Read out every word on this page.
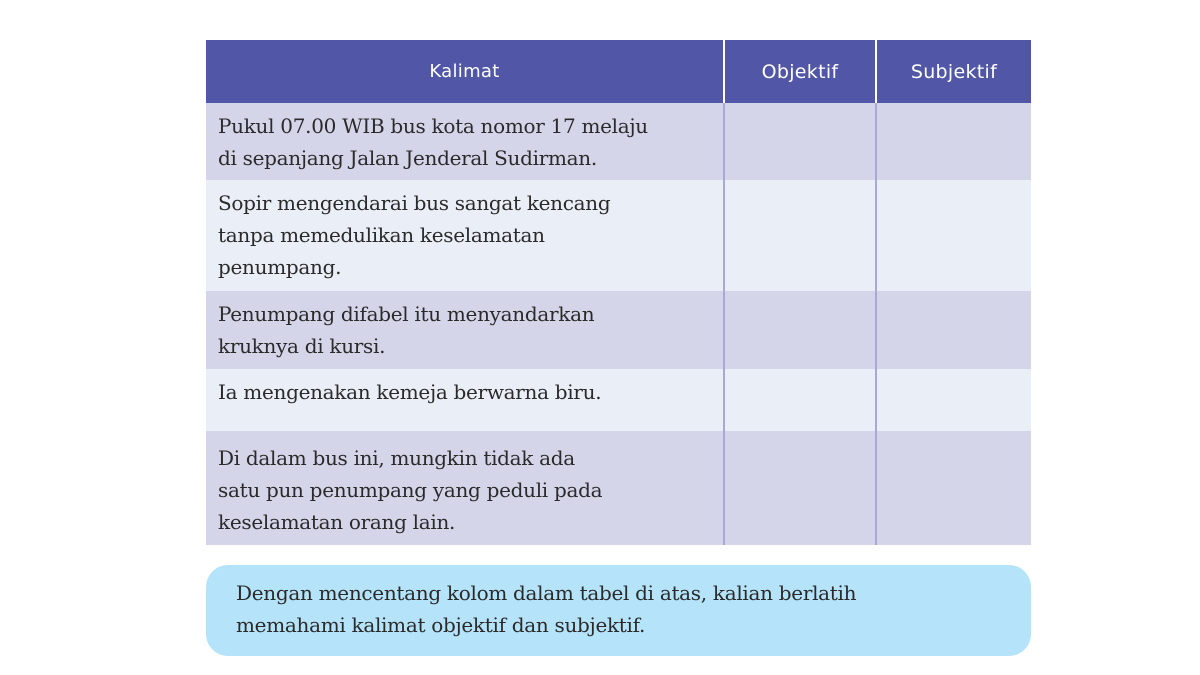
Kalimat	Objektif	Subjektif

Pukul 07.00 WIB bus kota nomor 17 melaju
di sepanjang Jalan Jenderal Sudirman.		

Sopir mengendarai bus sangat kencang
tanpa memedulikan keselamatan
penumpang.		

Penumpang difabel itu menyandarkan
kruknya di kursi.		

Ia mengenakan kemeja berwarna biru.		

Di dalam bus ini, mungkin tidak ada
satu pun penumpang yang peduli pada
keselamatan orang lain.		

Dengan mencentang kolom dalam tabel di atas, kalian berlatih
memahami kalimat objektif dan subjektif.
